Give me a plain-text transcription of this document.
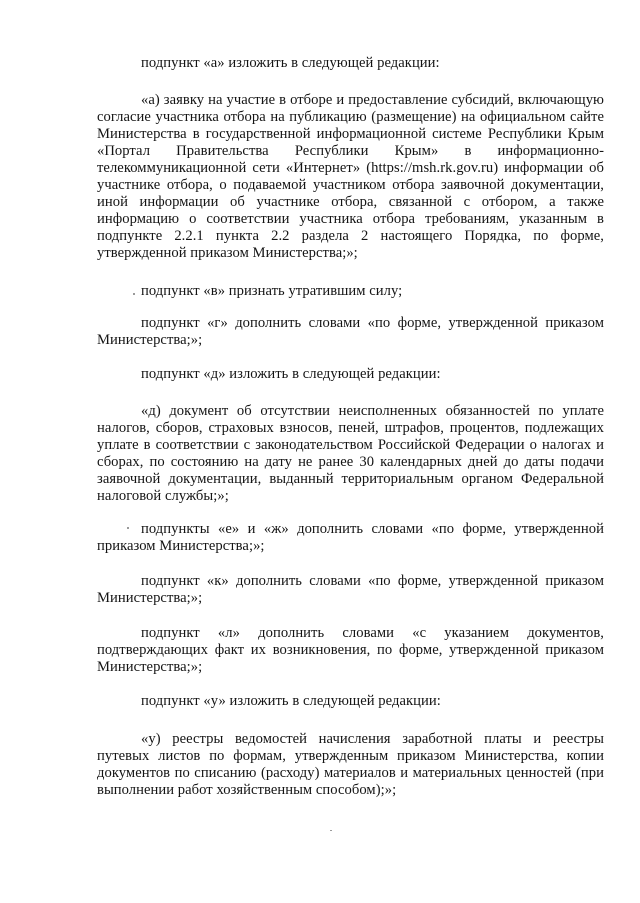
подпункт «а» изложить в следующей редакции:

«а) заявку на участие в отборе и предоставление субсидий, включающую согласие участника отбора на публикацию (размещение) на официальном сайте Министерства в государственной информационной системе Республики Крым «Портал Правительства Республики Крым» в информационно-телекоммуникационной сети «Интернет» (https://msh.rk.gov.ru) информации об участнике отбора, о подаваемой участником отбора заявочной документации, иной информации об участнике отбора, связанной с отбором, а также информацию о соответствии участника отбора требованиям, указанным в подпункте 2.2.1 пункта 2.2 раздела 2 настоящего Порядка, по форме, утвержденной приказом Министерства;»;

подпункт «в» признать утратившим силу;

подпункт «г» дополнить словами «по форме, утвержденной приказом Министерства;»;

подпункт «д» изложить в следующей редакции:

«д) документ об отсутствии неисполненных обязанностей по уплате налогов, сборов, страховых взносов, пеней, штрафов, процентов, подлежащих уплате в соответствии с законодательством Российской Федерации о налогах и сборах, по состоянию на дату не ранее 30 календарных дней до даты подачи заявочной документации, выданный территориальным органом Федеральной налоговой службы;»;

подпункты «е» и «ж» дополнить словами «по форме, утвержденной приказом Министерства;»;

подпункт «к» дополнить словами «по форме, утвержденной приказом Министерства;»;

подпункт «л» дополнить словами «с указанием документов, подтверждающих факт их возникновения, по форме, утвержденной приказом Министерства;»;

подпункт «у» изложить в следующей редакции:

«у) реестры ведомостей начисления заработной платы и реестры путевых листов по формам, утвержденным приказом Министерства, копии документов по списанию (расходу) материалов и материальных ценностей (при выполнении работ хозяйственным способом);»;
